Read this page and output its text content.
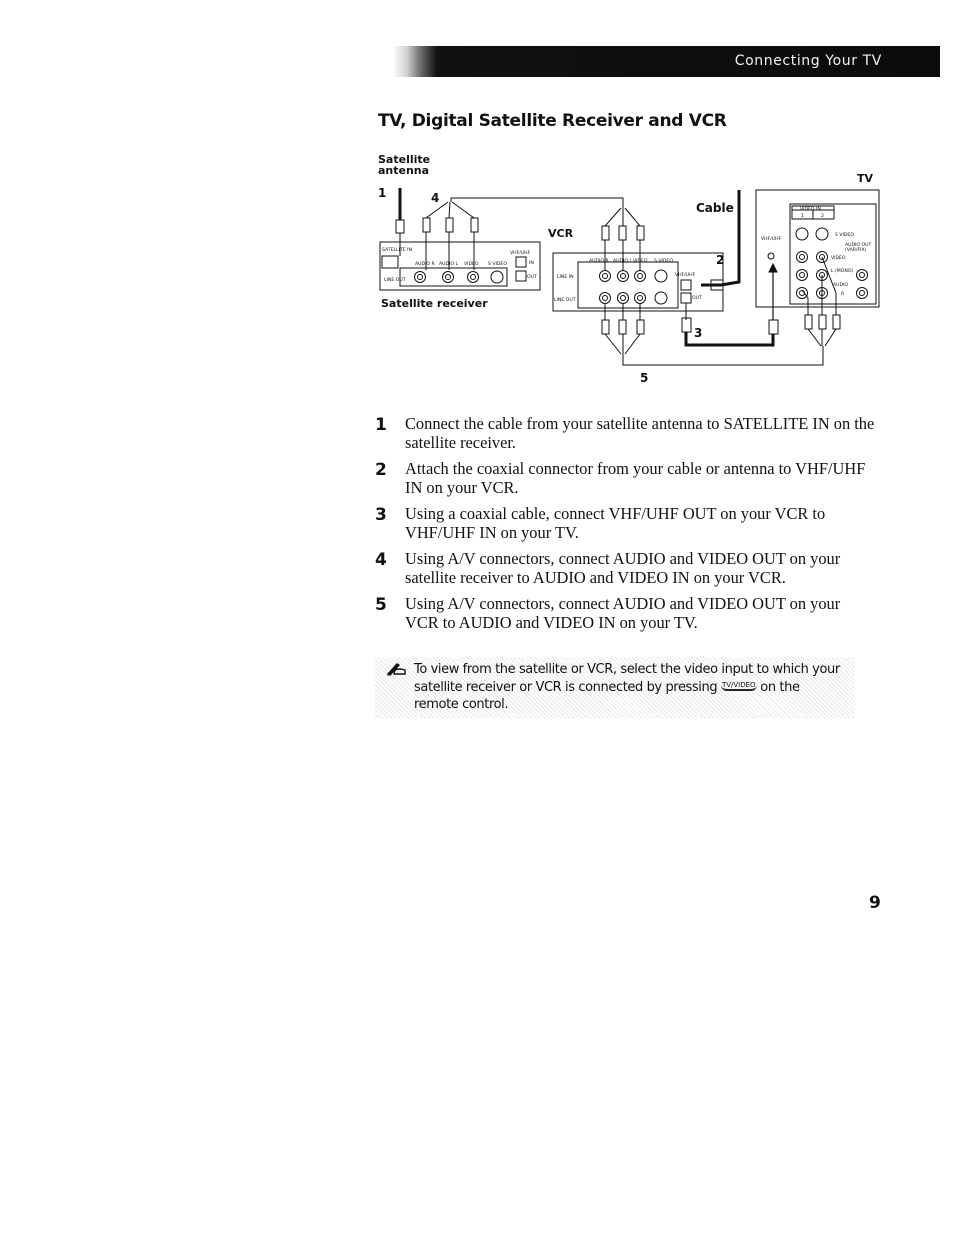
Connecting Your TV
TV, Digital Satellite Receiver and VCR
Satellite
antenna
TV
Cable
VCR
Satellite receiver
1
2
3
4
5
SATELLITE IN
VHF/UHF
IN
OUT
LINE OUT
AUDIO R AUDIO L VIDEO S VIDEO
LINE IN
LINE OUT
AUDIO R AUDIO L VIDEO S VIDEO
VHF/UHF
OUT
VHF/UHF
VIDEO IN
1	2
S VIDEO
AUDIO OUT
(VAR/FIX)
VIDEO
L (MONO)
AUDIO
R
1	Connect the cable from your satellite antenna to SATELLITE IN on the satellite receiver.
2	Attach the coaxial connector from your cable or antenna to VHF/UHF IN on your VCR.
3	Using a coaxial cable, connect VHF/UHF OUT on your VCR to VHF/UHF IN on your TV.
4	Using A/V connectors, connect AUDIO and VIDEO OUT on your satellite receiver to AUDIO and VIDEO IN on your VCR.
5	Using A/V connectors, connect AUDIO and VIDEO OUT on your VCR to AUDIO and VIDEO IN on your TV.
To view from the satellite or VCR, select the video input to which your satellite receiver or VCR is connected by pressing TV/VIDEO on the remote control.
9
